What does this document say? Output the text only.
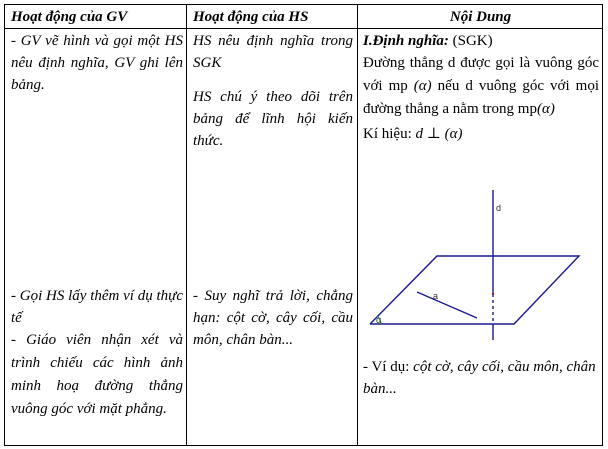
Hoạt động của GV	Hoạt động của HS	Nội Dung
- GV vẽ hình và gọi một HS nêu định nghĩa, GV ghi lên bảng.
- Gọi HS lấy thêm ví dụ thực tế
- Giáo viên nhận xét và trình chiếu các hình ảnh minh hoạ đường thẳng vuông góc với mặt phẳng.
HS nêu định nghĩa trong SGK
HS chú ý theo dõi trên bảng để lĩnh hội kiến thức.
- Suy nghĩ trả lời, chẳng hạn: cột cờ, cây cối, cầu môn, chân bàn...

I.Định nghĩa: (SGK)

Đường thẳng d được gọi là vuông góc với mp (α) nếu d vuông góc với mọi đường thẳng a nằm trong mp(α)

Kí hiệu: d ⊥ (α)

- Ví dụ: cột cờ, cây cối, cầu môn, chân bàn...
d
a
α
